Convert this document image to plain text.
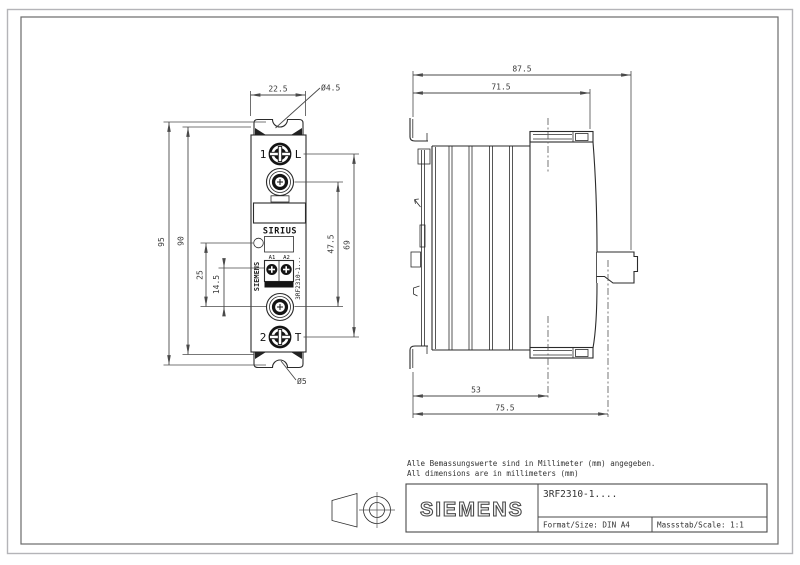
1	L
SIRIUS
A1 A2
SIEMENS	3RF2310-1...
2	T
22.5	Ø4.5
Ø5
95 90
25 14.5
47.5 69
87.5
71.5
53
75.5
Alle Bemassungswerte sind in Millimeter (mm) angegeben.
All dimensions are in millimeters (mm)
SIEMENS
3RF2310-1....
Format/Size: DIN A4	Massstab/Scale: 1:1
